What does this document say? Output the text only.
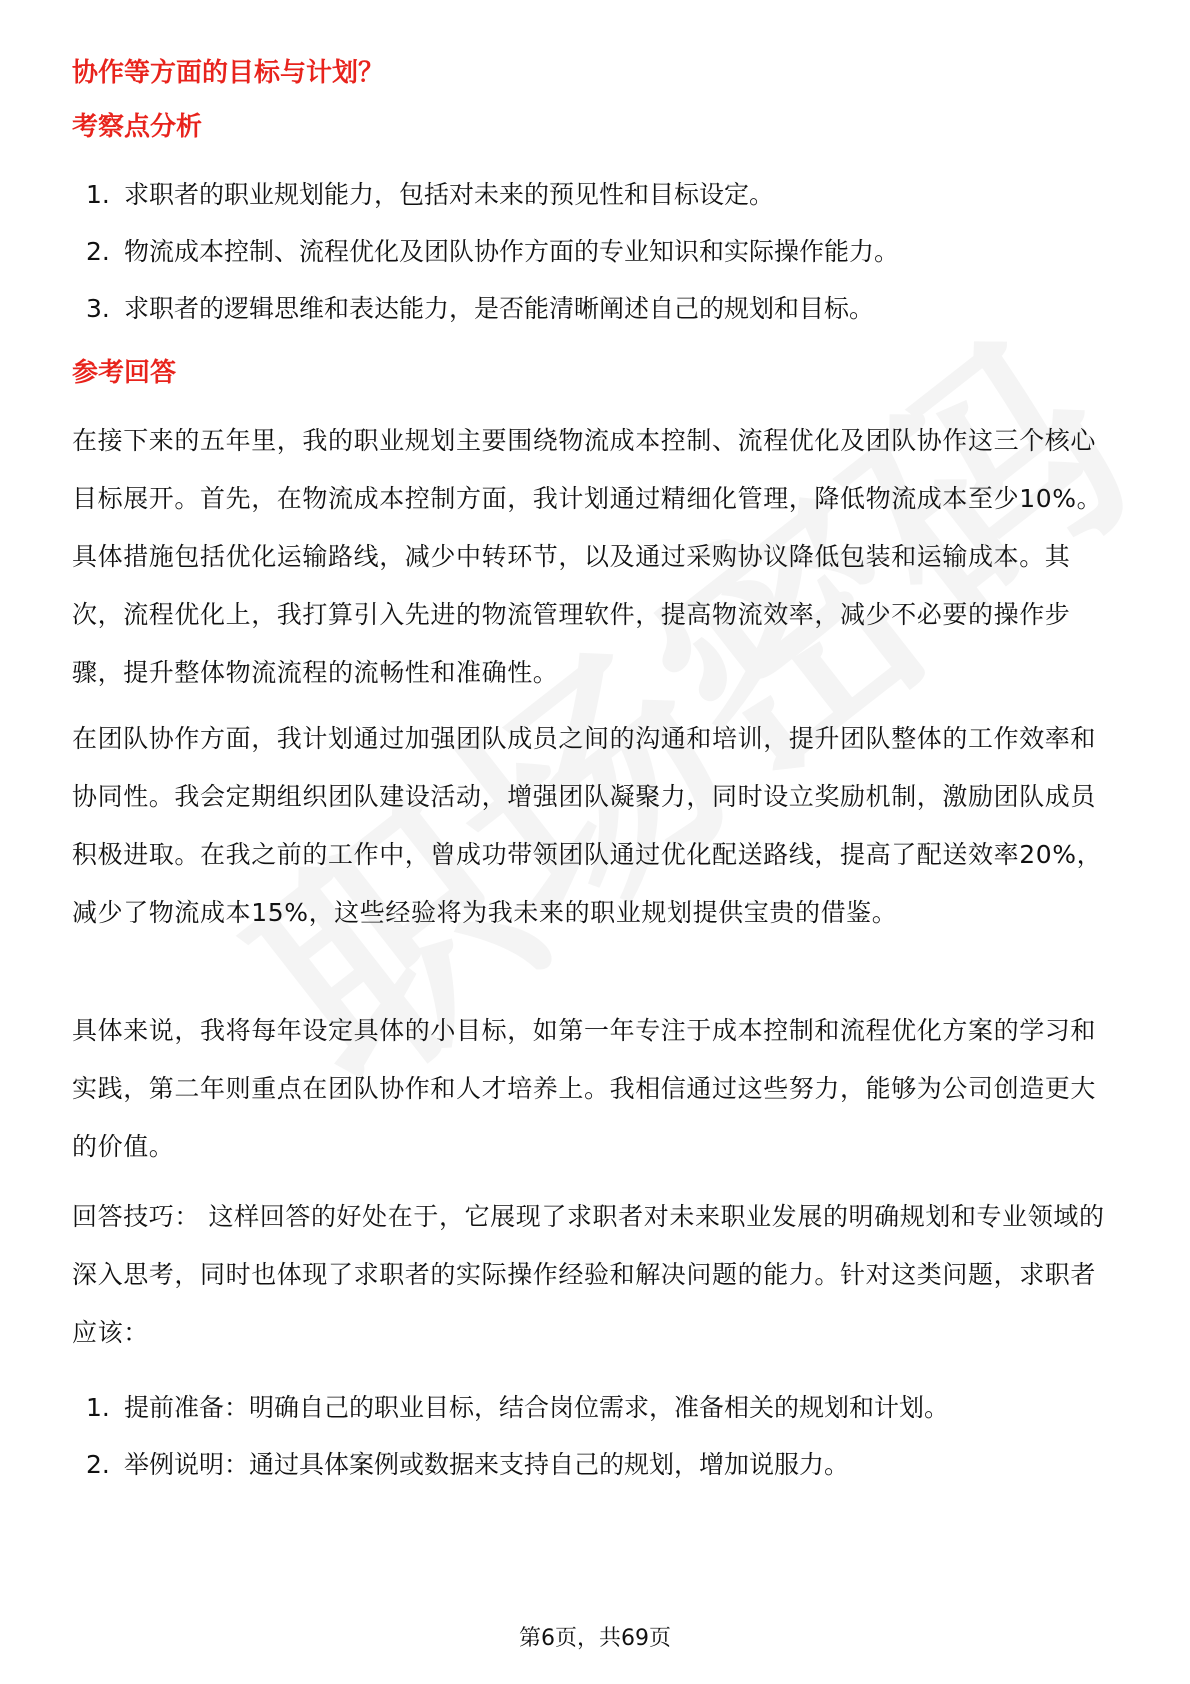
协作等方面的目标与计划？
考察点分析
1. 求职者的职业规划能力，包括对未来的预见性和目标设定。
2. 物流成本控制、流程优化及团队协作方面的专业知识和实际操作能力。
3. 求职者的逻辑思维和表达能力，是否能清晰阐述自己的规划和目标。
参考回答

在接下来的五年里，我的职业规划主要围绕物流成本控制、流程优化及团队协作这三个核心目标展开。首先，在物流成本控制方面，我计划通过精细化管理，降低物流成本至少10%。具体措施包括优化运输路线，减少中转环节，以及通过采购协议降低包装和运输成本。其次，流程优化上，我打算引入先进的物流管理软件，提高物流效率，减少不必要的操作步骤，提升整体物流流程的流畅性和准确性。

在团队协作方面，我计划通过加强团队成员之间的沟通和培训，提升团队整体的工作效率和协同性。我会定期组织团队建设活动，增强团队凝聚力，同时设立奖励机制，激励团队成员积极进取。在我之前的工作中，曾成功带领团队通过优化配送路线，提高了配送效率20%，减少了物流成本15%，这些经验将为我未来的职业规划提供宝贵的借鉴。

具体来说，我将每年设定具体的小目标，如第一年专注于成本控制和流程优化方案的学习和实践，第二年则重点在团队协作和人才培养上。我相信通过这些努力，能够为公司创造更大的价值。

回答技巧： 这样回答的好处在于，它展现了求职者对未来职业发展的明确规划和专业领域的深入思考，同时也体现了求职者的实际操作经验和解决问题的能力。针对这类问题，求职者应该：

1. 提前准备：明确自己的职业目标，结合岗位需求，准备相关的规划和计划。
2. 举例说明：通过具体案例或数据来支持自己的规划，增加说服力。
第6页，共69页
